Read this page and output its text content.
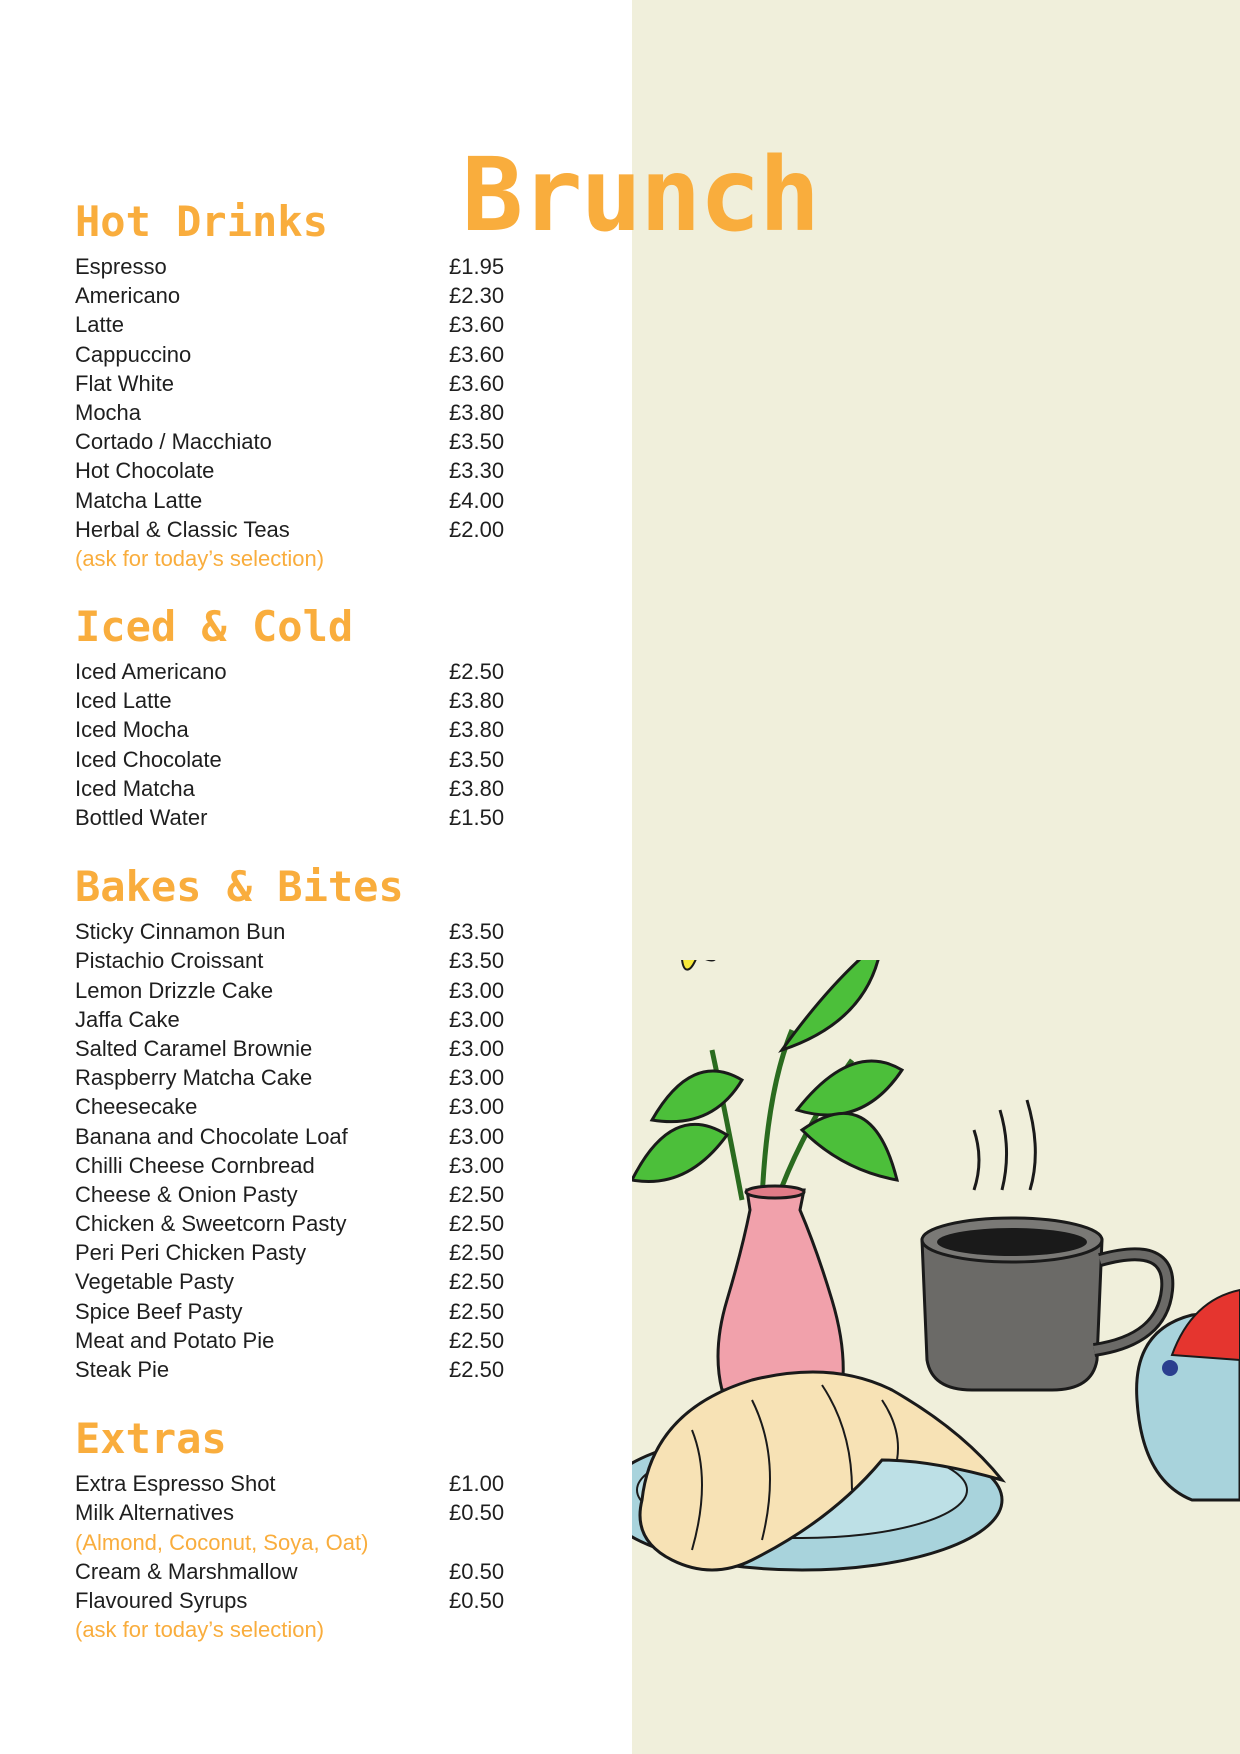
Brunch
Hot Drinks
Espresso	£1.95
Americano	£2.30
Latte	£3.60
Cappuccino	£3.60
Flat White	£3.60
Mocha	£3.80
Cortado / Macchiato	£3.50
Hot Chocolate	£3.30
Matcha Latte	£4.00
Herbal & Classic Teas	£2.00
(ask for today’s selection)
Iced & Cold
Iced Americano	£2.50
Iced Latte	£3.80
Iced Mocha	£3.80
Iced Chocolate	£3.50
Iced Matcha	£3.80
Bottled Water	£1.50
Bakes & Bites
Sticky Cinnamon Bun	£3.50
Pistachio Croissant	£3.50
Lemon Drizzle Cake	£3.00
Jaffa Cake	£3.00
Salted Caramel Brownie	£3.00
Raspberry Matcha Cake	£3.00
Cheesecake	£3.00
Banana and Chocolate Loaf	£3.00
Chilli Cheese Cornbread	£3.00
Cheese & Onion Pasty	£2.50
Chicken & Sweetcorn Pasty	£2.50
Peri Peri Chicken Pasty	£2.50
Vegetable Pasty	£2.50
Spice Beef Pasty	£2.50
Meat and Potato Pie	£2.50
Steak Pie	£2.50
Extras
Extra Espresso Shot	£1.00
Milk Alternatives	£0.50
(Almond, Coconut, Soya, Oat)
Cream & Marshmallow	£0.50
Flavoured Syrups	£0.50
(ask for today’s selection)
